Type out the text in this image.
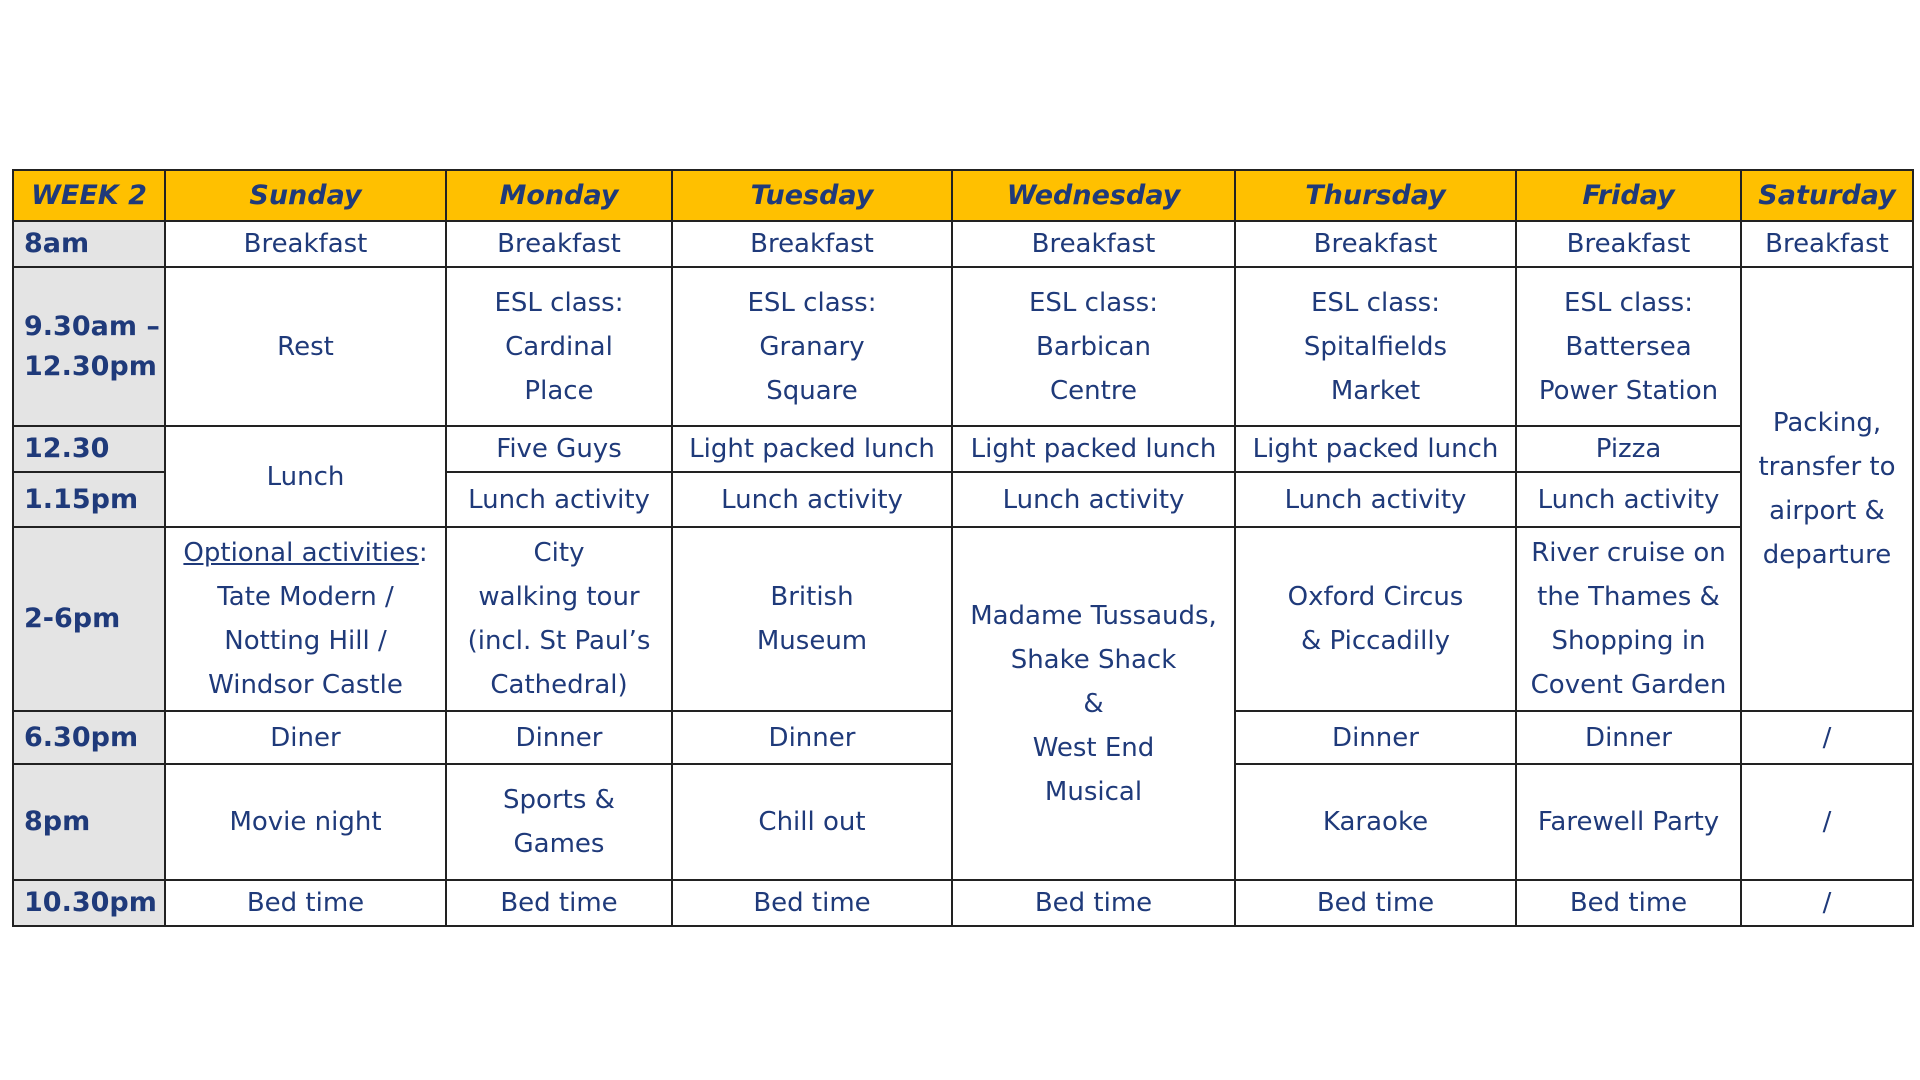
WEEK 2	Sunday	Monday	Tuesday	Wednesday	Thursday	Friday	Saturday
8am	Breakfast	Breakfast	Breakfast	Breakfast	Breakfast	Breakfast	Breakfast
9.30am – 12.30pm	Rest	ESL class:
Cardinal
Place	ESL class:
Granary
Square	ESL class:
Barbican
Centre	ESL class:
Spitalfields
Market	ESL class:
Battersea
Power Station	Packing,
transfer to
airport &
departure
12.30	Lunch	Five Guys	Light packed lunch	Light packed lunch	Light packed lunch	Pizza	
1.15pm		Lunch activity	Lunch activity	Lunch activity	Lunch activity	Lunch activity	
2-6pm	Optional activities:
Tate Modern /
Notting Hill /
Windsor Castle	City
walking tour
(incl. St Paul’s
Cathedral)	British
Museum	Madame Tussauds,
Shake Shack
&
West End
Musical	Oxford Circus
& Piccadilly	River cruise on
the Thames &
Shopping in
Covent Garden	
6.30pm	Diner	Dinner	Dinner		Dinner	Dinner	/
8pm	Movie night	Sports &
Games	Chill out		Karaoke	Farewell Party	/
10.30pm	Bed time	Bed time	Bed time	Bed time	Bed time	Bed time	/
